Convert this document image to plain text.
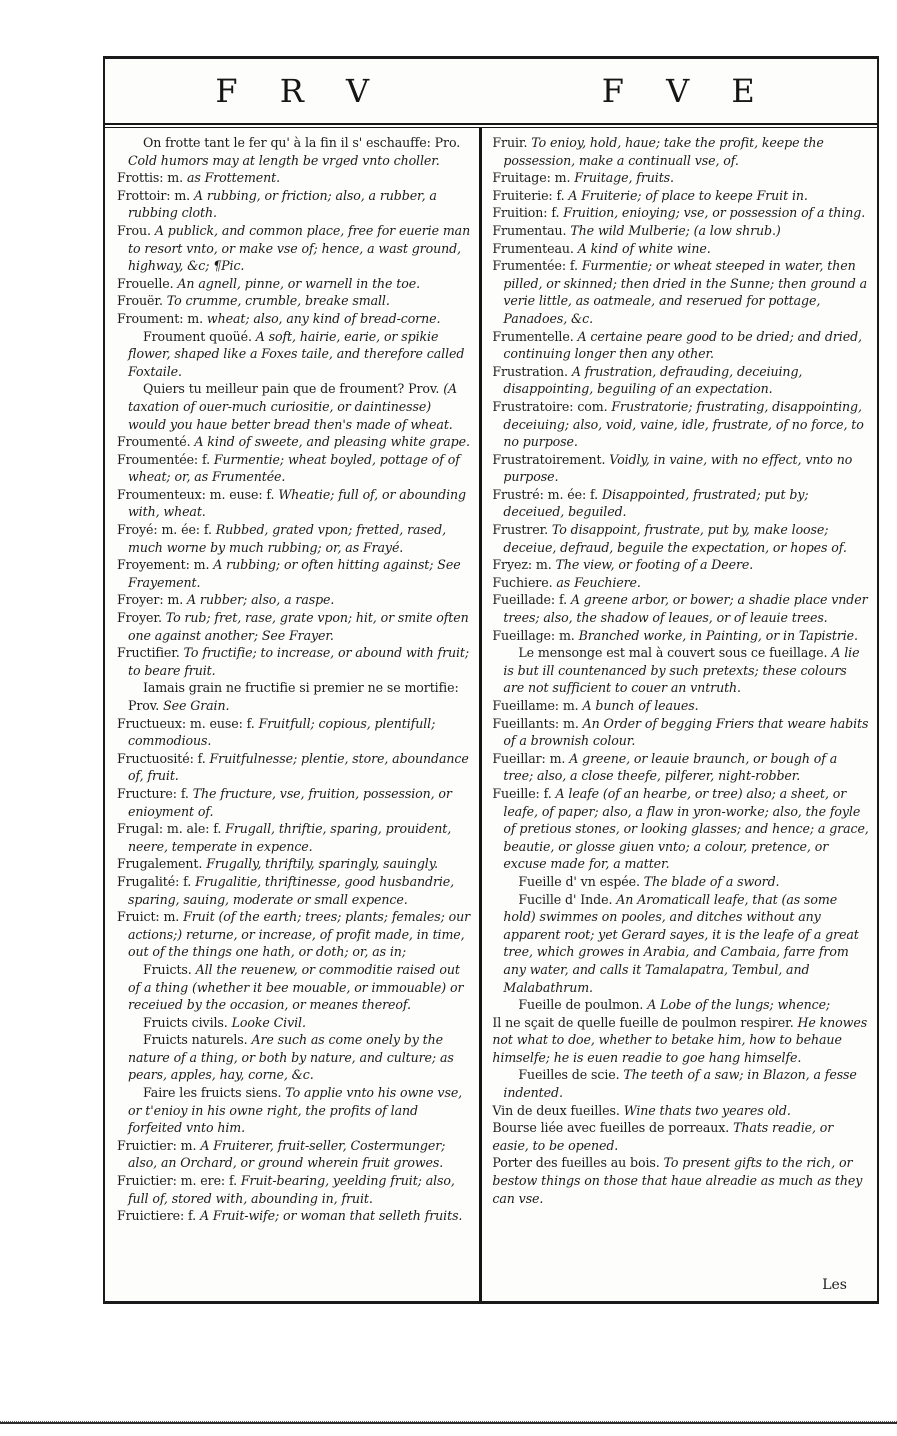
F R V	F V E

On frotte tant le fer qu' à la fin il s' eschauffe: Pro. Cold humors may at length be vrged vnto choller.

Frottis: m. as Frottement.

Frottoir: m. A rubbing, or friction; also, a rubber, a rubbing cloth.

Frou. A publick, and common place, free for euerie man to resort vnto, or make vse of; hence, a wast ground, highway, &c; ¶Pic.

Frouelle. An agnell, pinne, or warnell in the toe.

Frouër. To crumme, crumble, breake small.

Froument: m. wheat; also, any kind of bread-corne.

Froument quoüé. A soft, hairie, earie, or spikie flower, shaped like a Foxes taile, and therefore called Foxtaile.

Quiers tu meilleur pain que de froument? Prov. (A taxation of ouer-much curiositie, or daintinesse) would you haue better bread then's made of wheat.

Froumenté. A kind of sweete, and pleasing white grape.

Froumentée: f. Furmentie; wheat boyled, pottage of of wheat; or, as Frumentée.

Froumenteux: m. euse: f. Wheatie; full of, or abounding with, wheat.

Froyé: m. ée: f. Rubbed, grated vpon; fretted, rased, much worne by much rubbing; or, as Frayé.

Froyement: m. A rubbing; or often hitting against; See Frayement.

Froyer: m. A rubber; also, a raspe.

Froyer. To rub; fret, rase, grate vpon; hit, or smite often one against another; See Frayer.

Fructifier. To fructifie; to increase, or abound with fruit; to beare fruit.

Iamais grain ne fructifie si premier ne se mortifie: Prov. See Grain.

Fructueux: m. euse: f. Fruitfull; copious, plentifull; commodious.

Fructuosité: f. Fruitfulnesse; plentie, store, aboundance of, fruit.

Fructure: f. The fructure, vse, fruition, possession, or enioyment of.

Frugal: m. ale: f. Frugall, thriftie, sparing, prouident, neere, temperate in expence.

Frugalement. Frugally, thriftily, sparingly, sauingly.

Frugalité: f. Frugalitie, thriftinesse, good husbandrie, sparing, sauing, moderate or small expence.

Fruict: m. Fruit (of the earth; trees; plants; females; our actions;) returne, or increase, of profit made, in time, out of the things one hath, or doth; or, as in;

Fruicts. All the reuenew, or commoditie raised out of a thing (whether it bee mouable, or immouable) or receiued by the occasion, or meanes thereof.

Fruicts civils. Looke Civil.

Fruicts naturels. Are such as come onely by the nature of a thing, or both by nature, and culture; as pears, apples, hay, corne, &c.

Faire les fruicts siens. To applie vnto his owne vse, or t'enioy in his owne right, the profits of land forfeited vnto him.

Fruictier: m. A Fruiterer, fruit-seller, Costermunger; also, an Orchard, or ground wherein fruit growes.

Fruictier: m. ere: f. Fruit-bearing, yeelding fruit; also, full of, stored with, abounding in, fruit.

Fruictiere: f. A Fruit-wife; or woman that selleth fruits.

Fruir. To enioy, hold, haue; take the profit, keepe the possession, make a continuall vse, of.

Fruitage: m. Fruitage, fruits.

Fruiterie: f. A Fruiterie; of place to keepe Fruit in.

Fruition: f. Fruition, enioying; vse, or possession of a thing.

Frumentau. The wild Mulberie; (a low shrub.)

Frumenteau. A kind of white wine.

Frumentée: f. Furmentie; or wheat steeped in water, then pilled, or skinned; then dried in the Sunne; then ground a verie little, as oatmeale, and reserued for pottage, Panadoes, &c.

Frumentelle. A certaine peare good to be dried; and dried, continuing longer then any other.

Frustration. A frustration, defrauding, deceiuing, disappointing, beguiling of an expectation.

Frustratoire: com. Frustratorie; frustrating, disappointing, deceiuing; also, void, vaine, idle, frustrate, of no force, to no purpose.

Frustratoirement. Voidly, in vaine, with no effect, vnto no purpose.

Frustré: m. ée: f. Disappointed, frustrated; put by; deceiued, beguiled.

Frustrer. To disappoint, frustrate, put by, make loose; deceiue, defraud, beguile the expectation, or hopes of.

Fryez: m. The view, or footing of a Deere.

Fuchiere. as Feuchiere.

Fueillade: f. A greene arbor, or bower; a shadie place vnder trees; also, the shadow of leaues, or of leauie trees.

Fueillage: m. Branched worke, in Painting, or in Tapistrie.

Le mensonge est mal à couvert sous ce fueillage. A lie is but ill countenanced by such pretexts; these colours are not sufficient to couer an vntruth.

Fueillame: m. A bunch of leaues.

Fueillants: m. An Order of begging Friers that weare habits of a brownish colour.

Fueillar: m. A greene, or leauie braunch, or bough of a tree; also, a close theefe, pilferer, night-robber.

Fueille: f. A leafe (of an hearbe, or tree) also; a sheet, or leafe, of paper; also, a flaw in yron-worke; also, the foyle of pretious stones, or looking glasses; and hence; a grace, beautie, or glosse giuen vnto; a colour, pretence, or excuse made for, a matter.

Fueille d' vn espée. The blade of a sword.

Fucille d' Inde. An Aromaticall leafe, that (as some hold) swimmes on pooles, and ditches without any apparent root; yet Gerard sayes, it is the leafe of a great tree, which growes in Arabia, and Cambaia, farre from any water, and calls it Tamalapatra, Tembul, and Malabathrum.

Fueille de poulmon. A Lobe of the lungs; whence;

Il ne sçait de quelle fueille de poulmon respirer. He knowes not what to doe, whether to betake him, how to behaue himselfe; he is euen readie to goe hang himselfe.

Fueilles de scie. The teeth of a saw; in Blazon, a fesse indented.

Vin de deux fueilles. Wine thats two yeares old.

Bourse liée avec fueilles de porreaux. Thats readie, or easie, to be opened.

Porter des fueilles au bois. To present gifts to the rich, or bestow things on those that haue alreadie as much as they can vse.

Les
